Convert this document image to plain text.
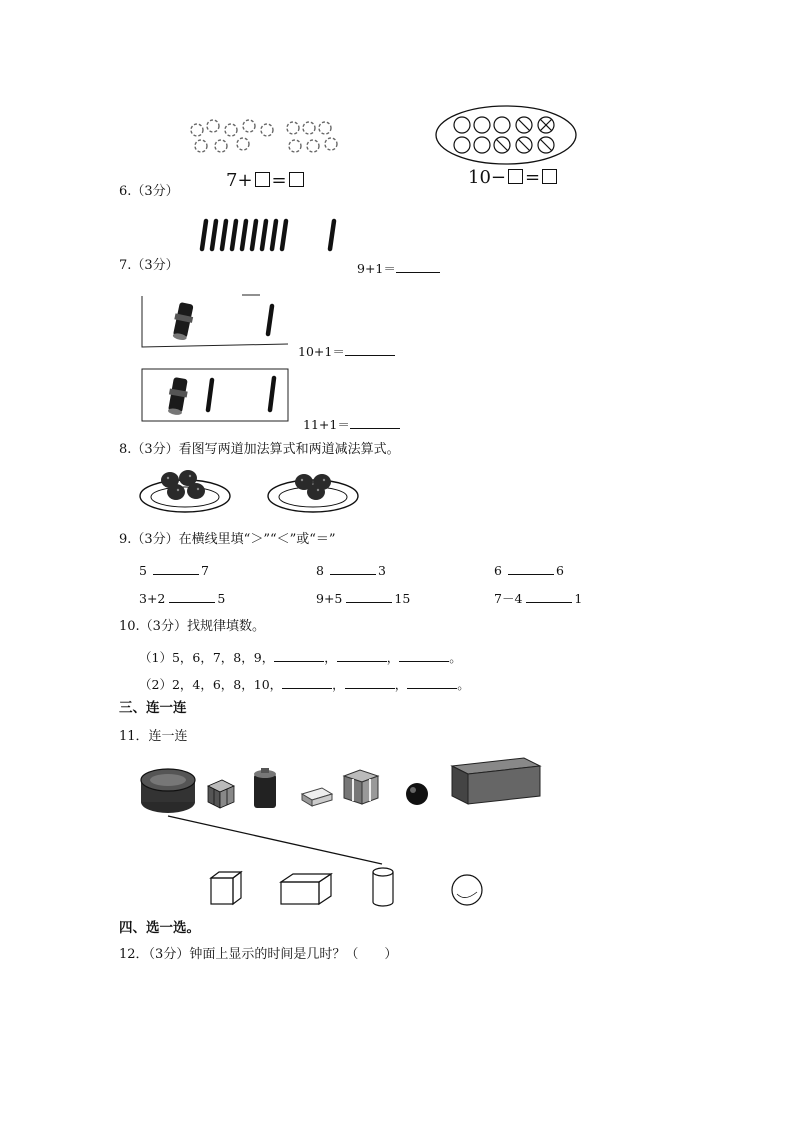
7+ =	10− =
6.（3分）
7.（3分）	9+1＝
10+1＝
11+1＝
8.（3分）看图写两道加法算式和两道减法算式。
9.（3分）在横线里填“＞”“＜”或“＝”
5	7	8	3	6	6
3+2	5	9+5	15	7－4	1
10.（3分）找规律填数。
（1）5，6，7，8，9，	，	，	。
（2）2，4，6，8，10，	，	，	。
三、连一连
11．连一连
四、选一选。
12．（3分）钟面上显示的时间是几时？（　　）
